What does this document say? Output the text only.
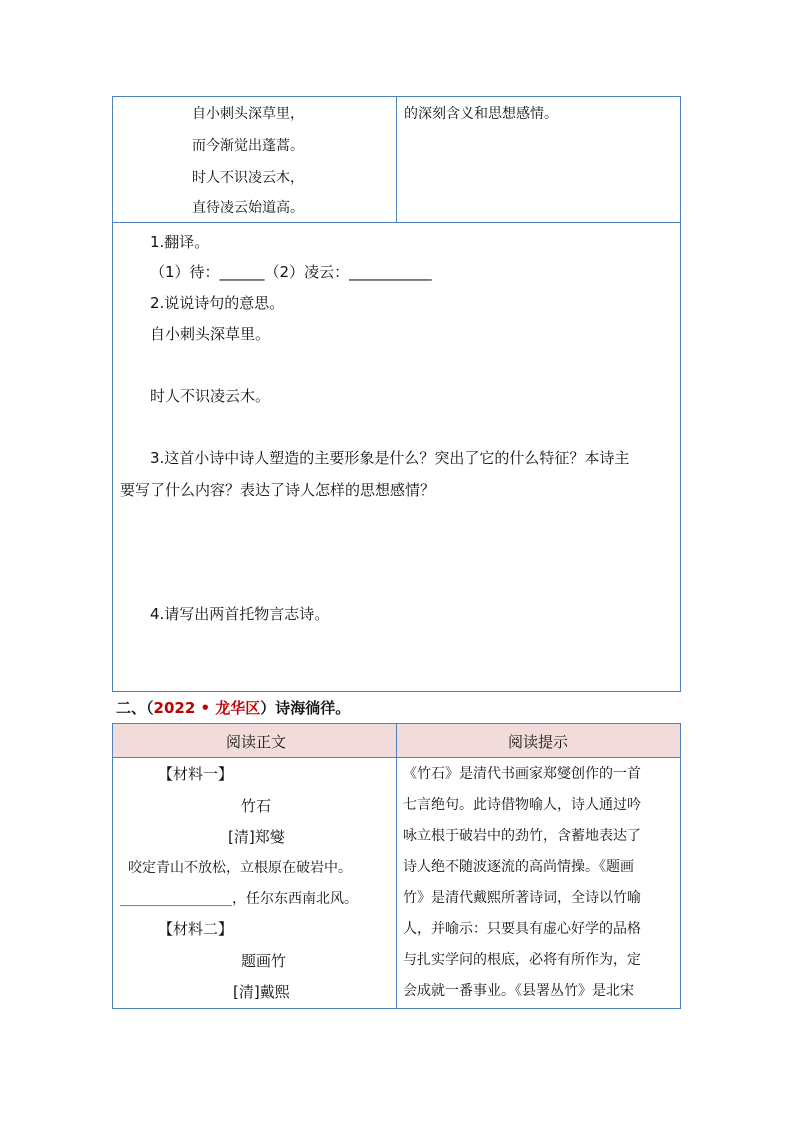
自小刺头深草里，
而今渐觉出蓬蒿。
时人不识凌云木，
直待凌云始道高。
的深刻含义和思想感情。
1.翻译。
（1）待：______（2）凌云：___________
2.说说诗句的意思。
自小刺头深草里。
时人不识凌云木。
3.这首小诗中诗人塑造的主要形象是什么？突出了它的什么特征？本诗主
要写了什么内容？表达了诗人怎样的思想感情？
4.请写出两首托物言志诗。
二、（2022 • 龙华区）诗海徜徉。
阅读正文	阅读提示
【材料一】
竹石
[清]郑燮
咬定青山不放松，立根原在破岩中。
________________，任尔东西南北风。
【材料二】
题画竹
[清]戴熙
《竹石》是清代书画家郑燮创作的一首
七言绝句。此诗借物喻人，诗人通过吟
咏立根于破岩中的劲竹，含蓄地表达了
诗人绝不随波逐流的高尚情操。《题画
竹》是清代戴熙所著诗词，全诗以竹喻
人，并喻示：只要具有虚心好学的品格
与扎实学问的根底，必将有所作为，定
会成就一番事业。《县署丛竹》是北宋
